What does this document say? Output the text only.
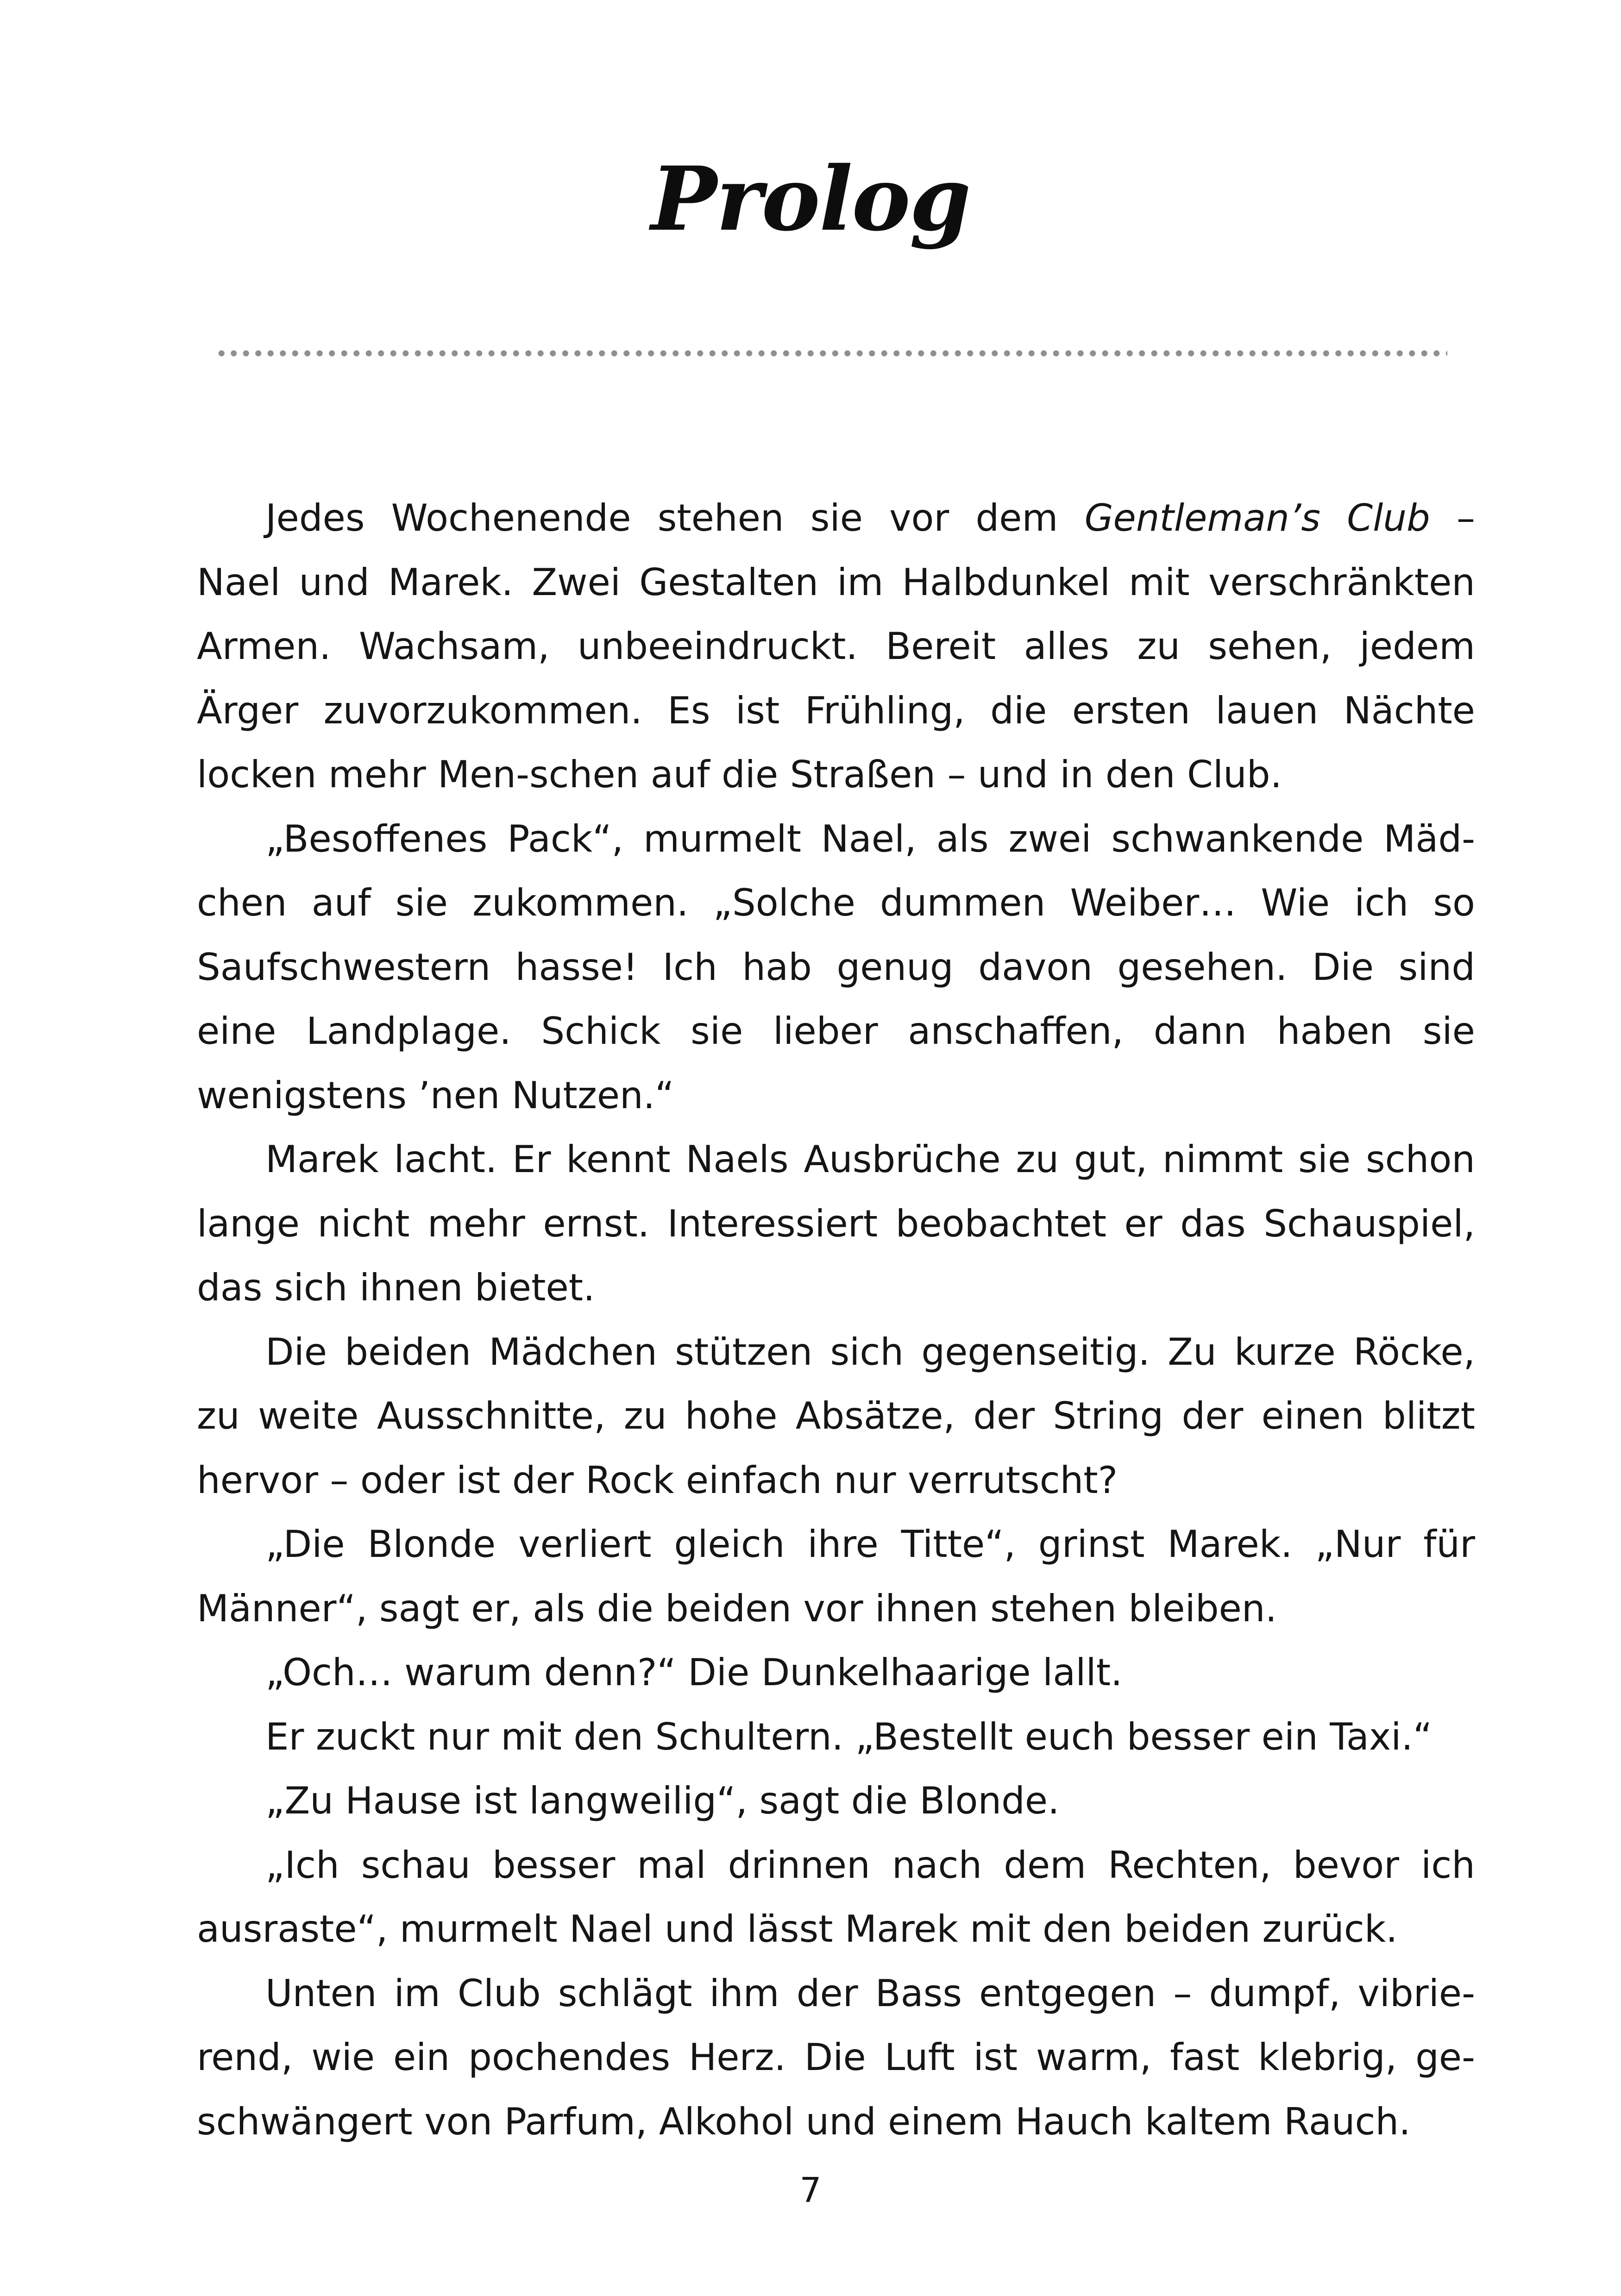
Prolog

Jedes Wochenende stehen sie vor dem Gentleman’s Club –
Nael und Marek. Zwei Gestalten im Halbdunkel mit verschränkten
Armen. Wachsam, unbeeindruckt. Bereit alles zu sehen, jedem
Ärger zuvorzukommen. Es ist Frühling, die ersten lauen Nächte
locken mehr Men-schen auf die Straßen – und in den Club.

„Besoffenes Pack“, murmelt Nael, als zwei schwankende Mäd-
chen auf sie zukommen. „Solche dummen Weiber… Wie ich so
Saufschwestern hasse! Ich hab genug davon gesehen. Die sind
eine Landplage. Schick sie lieber anschaffen, dann haben sie
wenigstens ’nen Nutzen.“

Marek lacht. Er kennt Naels Ausbrüche zu gut, nimmt sie schon
lange nicht mehr ernst. Interessiert beobachtet er das Schauspiel,
das sich ihnen bietet.

Die beiden Mädchen stützen sich gegenseitig. Zu kurze Röcke,
zu weite Ausschnitte, zu hohe Absätze, der String der einen blitzt
hervor – oder ist der Rock einfach nur verrutscht?

„Die Blonde verliert gleich ihre Titte“, grinst Marek. „Nur für
Männer“, sagt er, als die beiden vor ihnen stehen bleiben.

„Och… warum denn?“ Die Dunkelhaarige lallt.

Er zuckt nur mit den Schultern. „Bestellt euch besser ein Taxi.“

„Zu Hause ist langweilig“, sagt die Blonde.

„Ich schau besser mal drinnen nach dem Rechten, bevor ich
ausraste“, murmelt Nael und lässt Marek mit den beiden zurück.

Unten im Club schlägt ihm der Bass entgegen – dumpf, vibrie-
rend, wie ein pochendes Herz. Die Luft ist warm, fast klebrig, ge-
schwängert von Parfum, Alkohol und einem Hauch kaltem Rauch.

7
